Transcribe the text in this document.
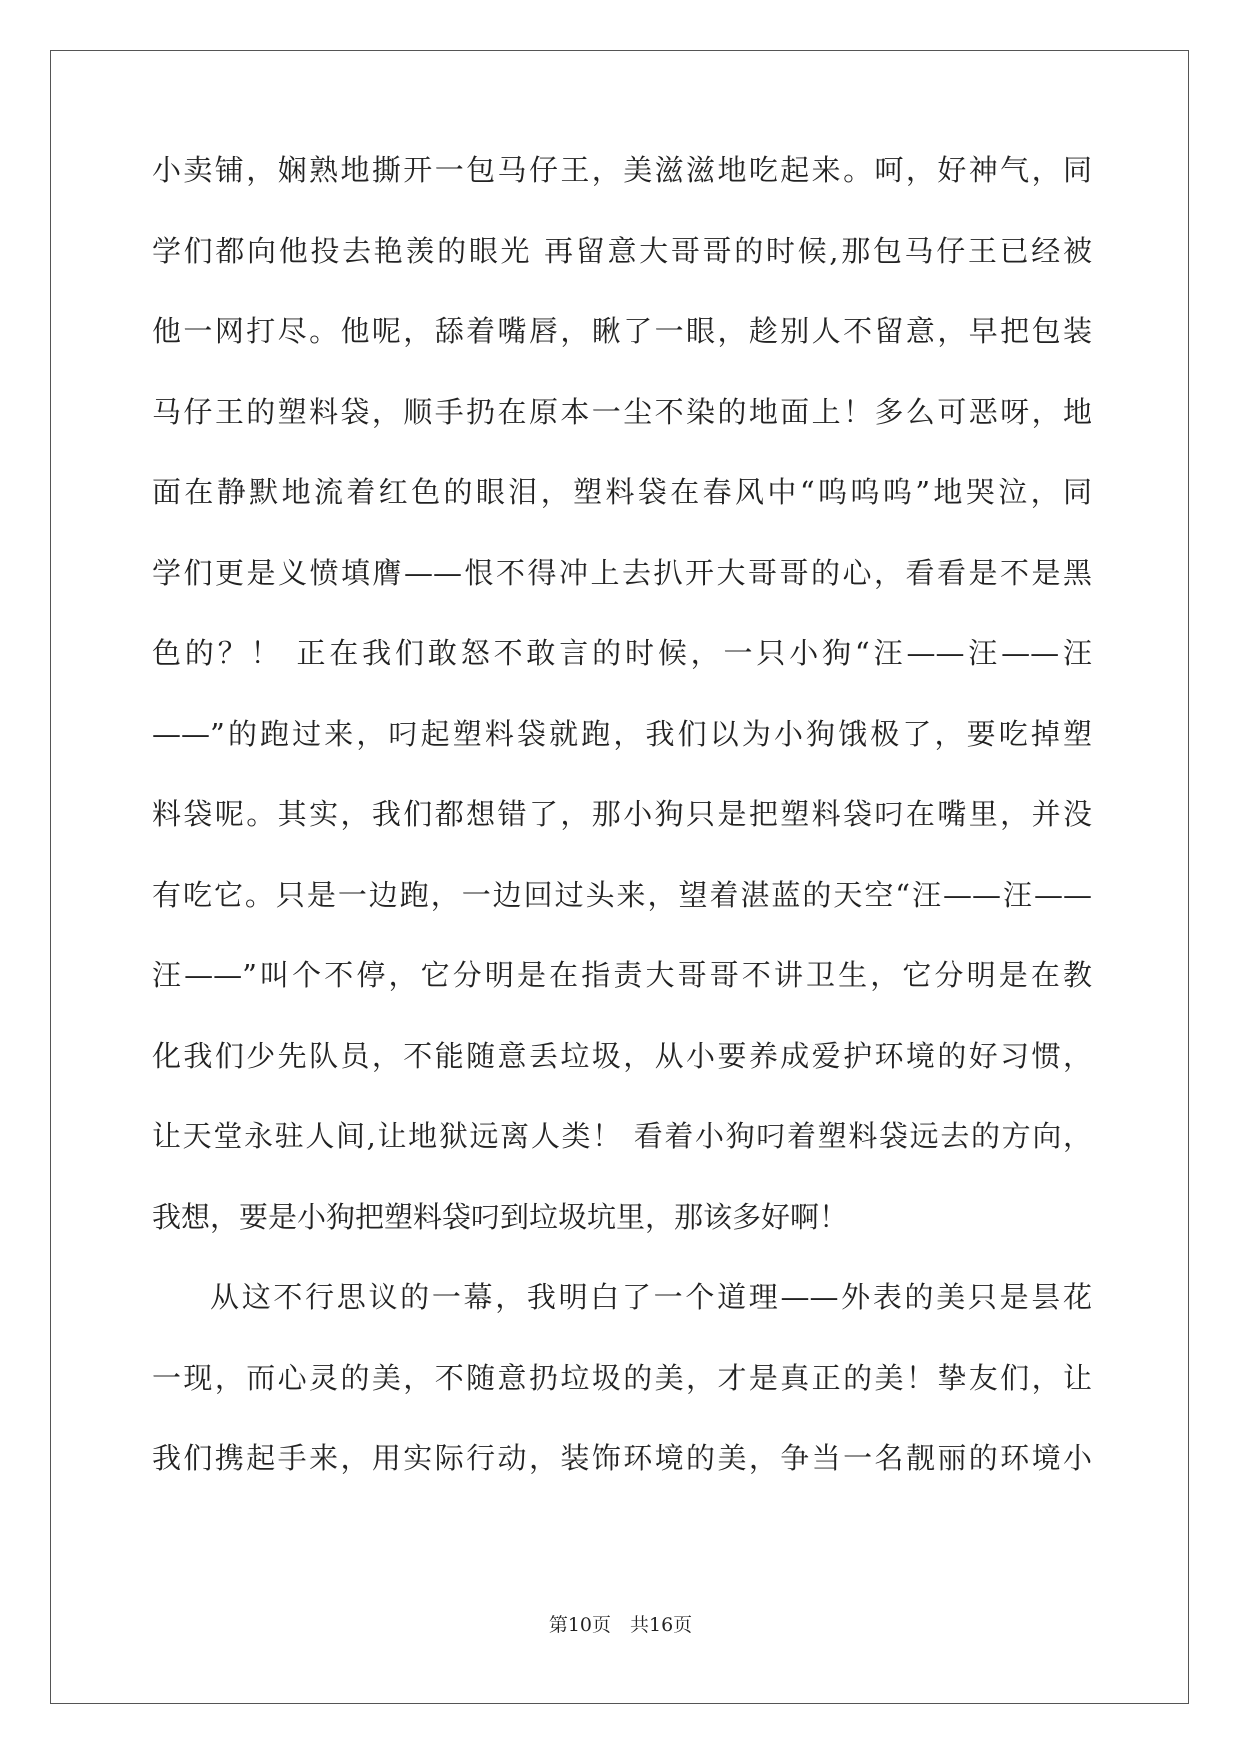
小卖铺，娴熟地撕开一包马仔王，美滋滋地吃起来。呵，好神气，同
学们都向他投去艳羡的眼光 再留意大哥哥的时候,那包马仔王已经被
他一网打尽。他呢，舔着嘴唇，瞅了一眼，趁别人不留意，早把包装
马仔王的塑料袋，顺手扔在原本一尘不染的地面上！多么可恶呀，地
面在静默地流着红色的眼泪，塑料袋在春风中“呜呜呜”地哭泣，同
学们更是义愤填膺——恨不得冲上去扒开大哥哥的心，看看是不是黑
色的？！ 正在我们敢怒不敢言的时候，一只小狗“汪——汪——汪
——”的跑过来，叼起塑料袋就跑，我们以为小狗饿极了，要吃掉塑
料袋呢。其实，我们都想错了，那小狗只是把塑料袋叼在嘴里，并没
有吃它。只是一边跑，一边回过头来，望着湛蓝的天空“汪——汪——
汪——”叫个不停，它分明是在指责大哥哥不讲卫生，它分明是在教
化我们少先队员，不能随意丢垃圾，从小要养成爱护环境的好习惯，
让天堂永驻人间,让地狱远离人类！ 看着小狗叼着塑料袋远去的方向，
我想，要是小狗把塑料袋叼到垃圾坑里，那该多好啊！
从这不行思议的一幕，我明白了一个道理——外表的美只是昙花
一现，而心灵的美，不随意扔垃圾的美，才是真正的美！挚友们，让
我们携起手来，用实际行动，装饰环境的美，争当一名靓丽的环境小
第10页　共16页
